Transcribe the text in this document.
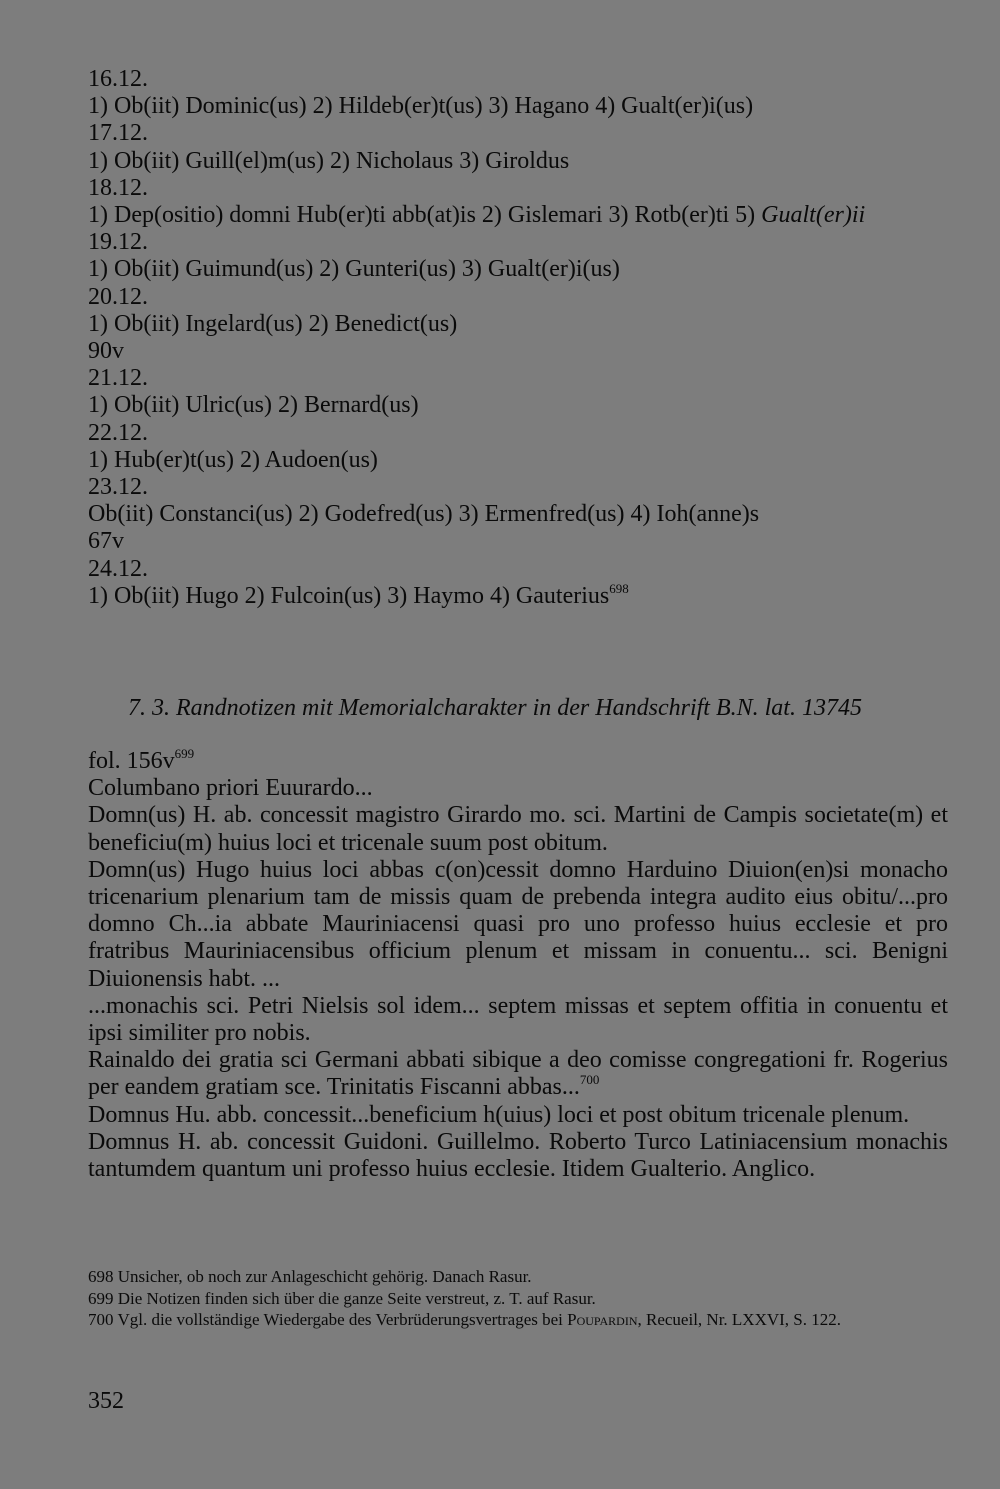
16.12.
1) Ob(iit) Dominic(us) 2) Hildeb(er)t(us) 3) Hagano 4) Gualt(er)i(us)
17.12.
1) Ob(iit) Guill(el)m(us) 2) Nicholaus 3) Giroldus
18.12.
1) Dep(ositio) domni Hub(er)ti abb(at)is 2) Gislemari 3) Rotb(er)ti 5) Gualt(er)ii
19.12.
1) Ob(iit) Guimund(us) 2) Gunteri(us) 3) Gualt(er)i(us)
20.12.
1) Ob(iit) Ingelard(us) 2) Benedict(us)
90v
21.12.
1) Ob(iit) Ulric(us) 2) Bernard(us)
22.12.
1) Hub(er)t(us) 2) Audoen(us)
23.12.
Ob(iit) Constanci(us) 2) Godefred(us) 3) Ermenfred(us) 4) Ioh(anne)s
67v
24.12.
1) Ob(iit) Hugo 2) Fulcoin(us) 3) Haymo 4) Gauterius$^{698}$
7. 3. Randnotizen mit Memorialcharakter in der Handschrift B.N. lat. 13745
fol. $156v^{699}$
Columbano priori Euurardo...
Domn(us) H. ab. concessit magistro Girardo mo. sci. Martini de Campis societate(m) et beneficiu(m) huius loci et tricenale suum post obitum.
Domn(us) Hugo huius loci abbas c(on)cessit domno Harduino Diuion(en)si monacho tricenarium plenarium tam de missis quam de prebenda integra audito eius obitu/...pro domno Ch...ia abbate Mauriniacensi quasi pro uno professo huius ecclesie et pro fratribus Mauriniacensibus officium plenum et missam in conuentu... sci. Benigni Diuionensis habt. ...
...monachis sci. Petri Nielsis sol idem... septem missas et septem offitia in conuentu et ipsi similiter pro nobis.
Rainaldo dei gratia sci Germani abbati sibique a deo comisse congregationi fr. Rogerius per eandem gratiam sce. Trinitatis Fiscanni abbas...$^{700}$
Domnus Hu. abb. concessit...beneficium h(uius) loci et post obitum tricenale plenum.
Domnus H. ab. concessit Guidoni. Guillelmo. Roberto Turco Latiniacensium monachis tantumdem quantum uni professo huius ecclesie. Itidem Gualterio. Anglico.
698 Unsicher, ob noch zur Anlageschicht gehörig. Danach Rasur.
699 Die Notizen finden sich über die ganze Seite verstreut, z. T. auf Rasur.
700 Vgl. die vollständige Wiedergabe des Verbrüderungsvertrages bei Poupardin, Recueil, Nr. LXXVI, S. 122.
352
